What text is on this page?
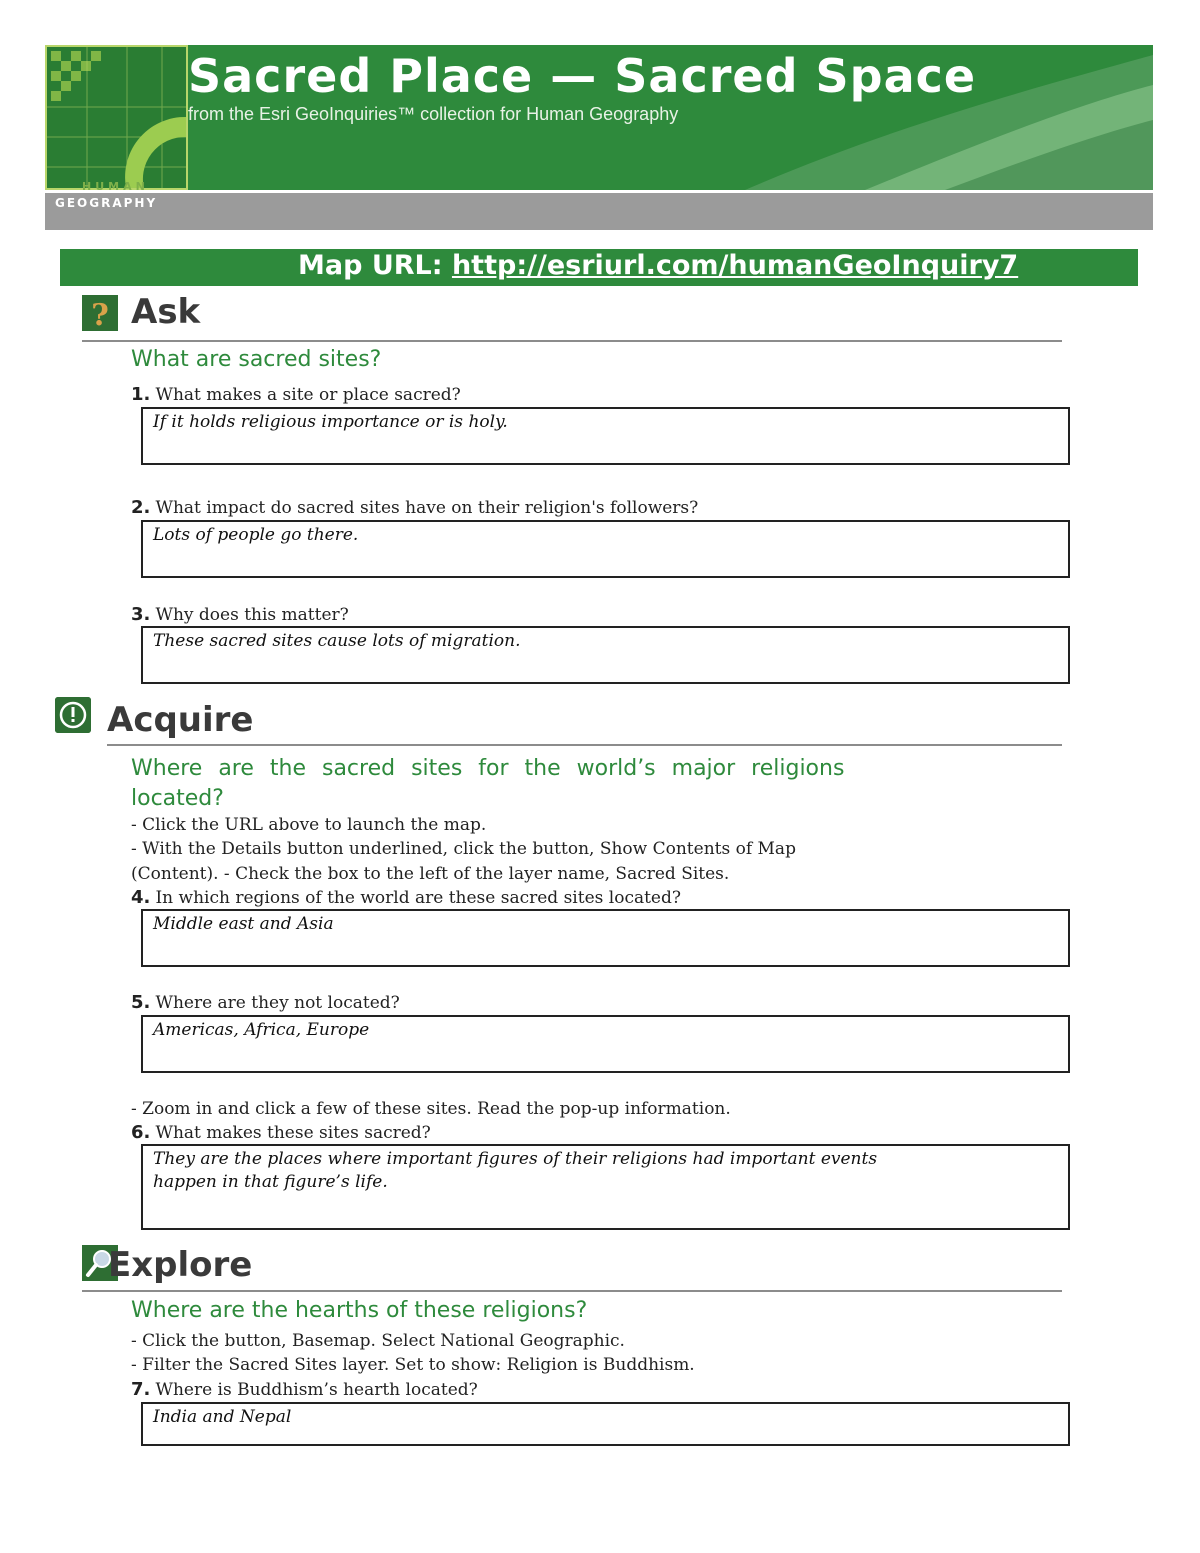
Sacred Place — Sacred Space
from the Esri GeoInquiries™ collection for Human Geography
HUMAN
GEOGRAPHY
Map URL: http://esriurl.com/humanGeoInquiry7
? Ask
What are sacred sites?
1. What makes a site or place sacred?
If it holds religious importance or is holy.
2. What impact do sacred sites have on their religion's followers?
Lots of people go there.
3. Why does this matter?
These sacred sites cause lots of migration.
Acquire
Where are the sacred sites for the world’s major religions
located?
- Click the URL above to launch the map.
- With the Details button underlined, click the button, Show Contents of Map
(Content). - Check the box to the left of the layer name, Sacred Sites.
4. In which regions of the world are these sacred sites located?
Middle east and Asia
5. Where are they not located?
Americas, Africa, Europe
- Zoom in and click a few of these sites. Read the pop-up information.
6. What makes these sites sacred?
They are the places where important figures of their religions had important events
happen in that figure’s life.
Explore
Where are the hearths of these religions?
- Click the button, Basemap. Select National Geographic.
- Filter the Sacred Sites layer. Set to show: Religion is Buddhism.
7. Where is Buddhism’s hearth located?
India and Nepal
